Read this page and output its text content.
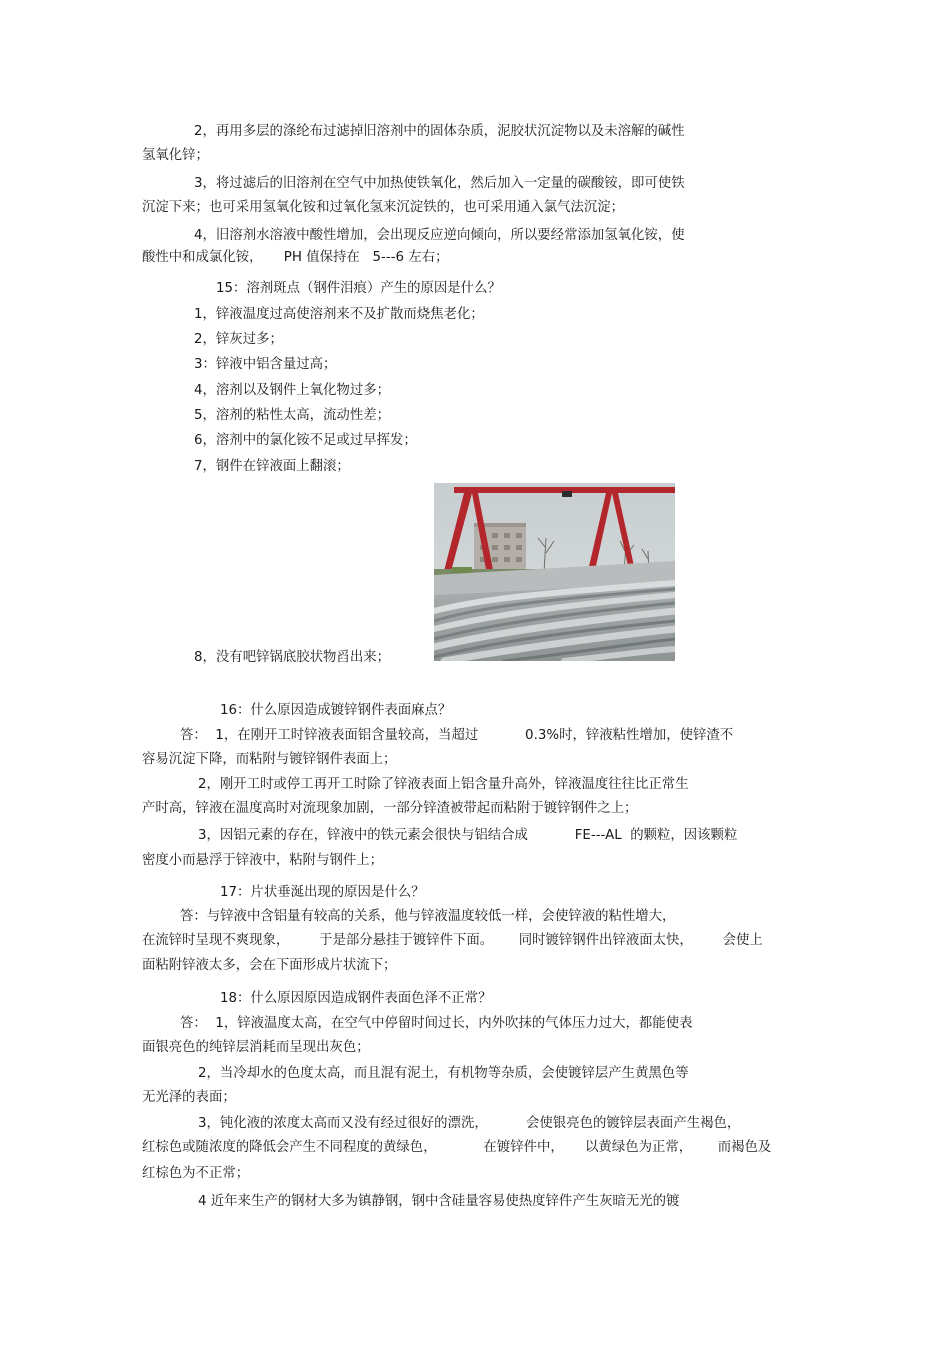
2，再用多层的涤纶布过滤掉旧溶剂中的固体杂质，泥胶状沉淀物以及未溶解的碱性

氢氧化锌；

3，将过滤后的旧溶剂在空气中加热使铁氧化，然后加入一定量的碳酸铵，即可使铁

沉淀下来；也可采用氢氧化铵和过氧化氢来沉淀铁的，也可采用通入氯气法沉淀；

4，旧溶剂水溶液中酸性增加，会出现反应逆向倾向，所以要经常添加氢氧化铵，使

酸性中和成氯化铵，     PH 值保持在   5---6 左右；

15：溶剂斑点（钢件泪痕）产生的原因是什么？

1，锌液温度过高使溶剂来不及扩散而烧焦老化；

2，锌灰过多；

3：锌液中铝含量过高；

4，溶剂以及钢件上氧化物过多；

5，溶剂的粘性太高，流动性差；

6，溶剂中的氯化铵不足或过早挥发；

7，钢件在锌液面上翻滚；

8，没有吧锌锅底胶状物舀出来；

16：什么原因造成镀锌钢件表面麻点？

答：  1，在刚开工时锌液表面铝含量较高，当超过           0.3%时，锌液粘性增加，使锌渣不

容易沉淀下降，而粘附与镀锌钢件表面上；

2，刚开工时或停工再开工时除了锌液表面上铝含量升高外，锌液温度往往比正常生

产时高，锌液在温度高时对流现象加剧，一部分锌渣被带起而粘附于镀锌钢件之上；

3，因铝元素的存在，锌液中的铁元素会很快与铝结合成           FE---AL  的颗粒，因该颗粒

密度小而悬浮于锌液中，粘附与钢件上；

17：片状垂涎出现的原因是什么？

答：与锌液中含铝量有较高的关系，他与锌液温度较低一样，会使锌液的粘性增大，

在流锌时呈现不爽现象，       于是部分悬挂于镀锌件下面。      同时镀锌钢件出锌液面太快，       会使上

面粘附锌液太多，会在下面形成片状流下；

18：什么原因原因造成钢件表面色泽不正常？

答：  1，锌液温度太高，在空气中停留时间过长，内外吹抹的气体压力过大，都能使表

面银亮色的纯锌层消耗而呈现出灰色；

2，当冷却水的色度太高，而且混有泥土，有机物等杂质，会使镀锌层产生黄黑色等

无光泽的表面；

3，钝化液的浓度太高而又没有经过很好的漂洗，         会使银亮色的镀锌层表面产生褐色，

红棕色或随浓度的降低会产生不同程度的黄绿色，           在镀锌件中，     以黄绿色为正常，      而褐色及

红棕色为不正常；

4 近年来生产的钢材大多为镇静钢，钢中含硅量容易使热度锌件产生灰暗无光的镀
